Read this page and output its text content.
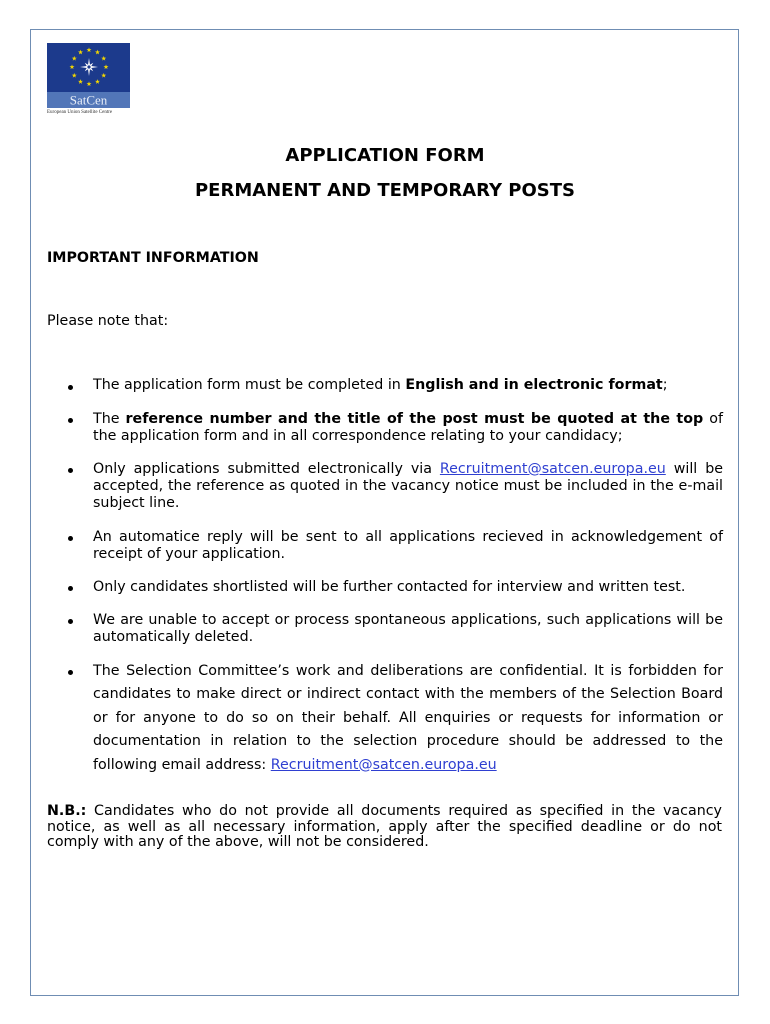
SatCen
European Union Satellite Centre
APPLICATION FORM
PERMANENT AND TEMPORARY POSTS
IMPORTANT INFORMATION
Please note that:
The application form must be completed in English and in electronic format;
The reference number and the title of the post must be quoted at the top of the application form and in all correspondence relating to your candidacy;
Only applications submitted electronically via Recruitment@satcen.europa.eu will be accepted, the reference as quoted in the vacancy notice must be included in the e-mail subject line.
An automatice reply will be sent to all applications recieved in acknowledgement of receipt of your application.
Only candidates shortlisted will be further contacted for interview and written test.
We are unable to accept or process spontaneous applications, such applications will be automatically deleted.
The Selection Committee’s work and deliberations are confidential. It is forbidden for candidates to make direct or indirect contact with the members of the Selection Board or for anyone to do so on their behalf. All enquiries or requests for information or documentation in relation to the selection procedure should be addressed to the following email address: Recruitment@satcen.europa.eu

N.B.: Candidates who do not provide all documents required as specified in the vacancy notice, as well as all necessary information, apply after the specified deadline or do not comply with any of the above, will not be considered.
